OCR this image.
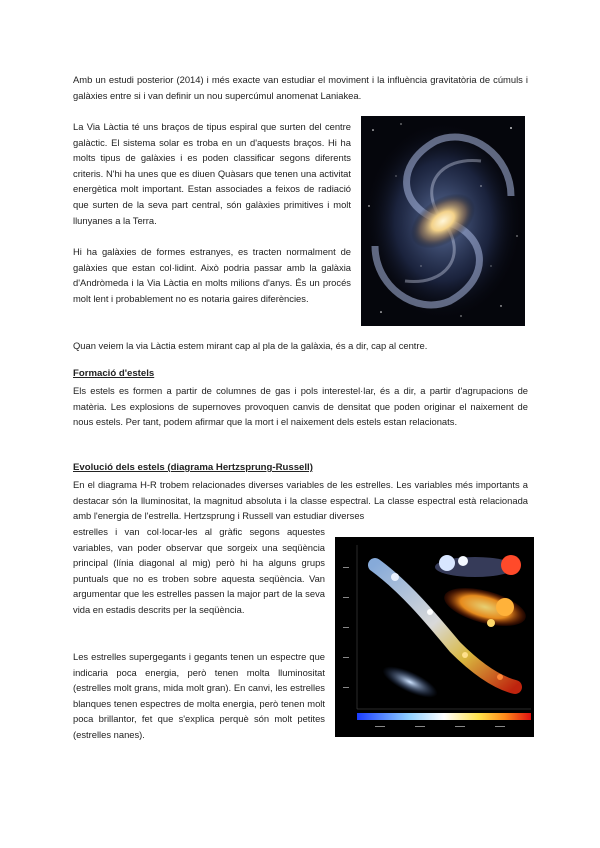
Amb un estudi posterior (2014) i més exacte van estudiar el moviment i la influència gravitatòria de cúmuls i galàxies entre si i van definir un nou supercúmul anomenat Laniakea.

La Via Làctia té uns braços de tipus espiral que surten del centre galàctic. El sistema solar es troba en un d'aquests braços. Hi ha molts tipus de galàxies i es poden classificar segons diferents criteris. N'hi ha unes que es diuen Quàsars que tenen una activitat energètica molt important. Estan associades a feixos de radiació que surten de la seva part central, són galàxies primitives i molt llunyanes a la Terra.

Hi ha galàxies de formes estranyes, es tracten normalment de galàxies que estan col·lidint. Això podria passar amb la galàxia d'Andròmeda i la Via Làctia en molts milions d'anys. És un procés molt lent i probablement no es notaria gaires diferències.

Quan veiem la via Làctia estem mirant cap al pla de la galàxia, és a dir, cap al centre.

Formació d'estels

Els estels es formen a partir de columnes de gas i pols interestel·lar, és a dir, a partir d'agrupacions de matèria. Les explosions de supernoves provoquen canvis de densitat que poden originar el naixement de nous estels. Per tant, podem afirmar que la mort i el naixement dels estels estan relacionats.

Evolució dels estels (diagrama Hertzsprung-Russell)

En el diagrama H-R trobem relacionades diverses variables de les estrelles. Les variables més importants a destacar són la lluminositat, la magnitud absoluta i la classe espectral. La classe espectral està relacionada amb l'energia de l'estrella. Hertzsprung i Russell van estudiar diverses

estrelles i van col·locar-les al gràfic segons aquestes variables, van poder observar que sorgeix una seqüència principal (línia diagonal al mig) però hi ha alguns grups puntuals que no es troben sobre aquesta seqüència. Van argumentar que les estrelles passen la major part de la seva vida en estadis descrits per la seqüència.

Les estrelles supergegants i gegants tenen un espectre que indicaria poca energia, però tenen molta lluminositat (estrelles molt grans, mida molt gran). En canvi, les estrelles blanques tenen espectres de molta energia, però tenen molt poca brillantor, fet que s'explica perquè són molt petites (estrelles nanes).
